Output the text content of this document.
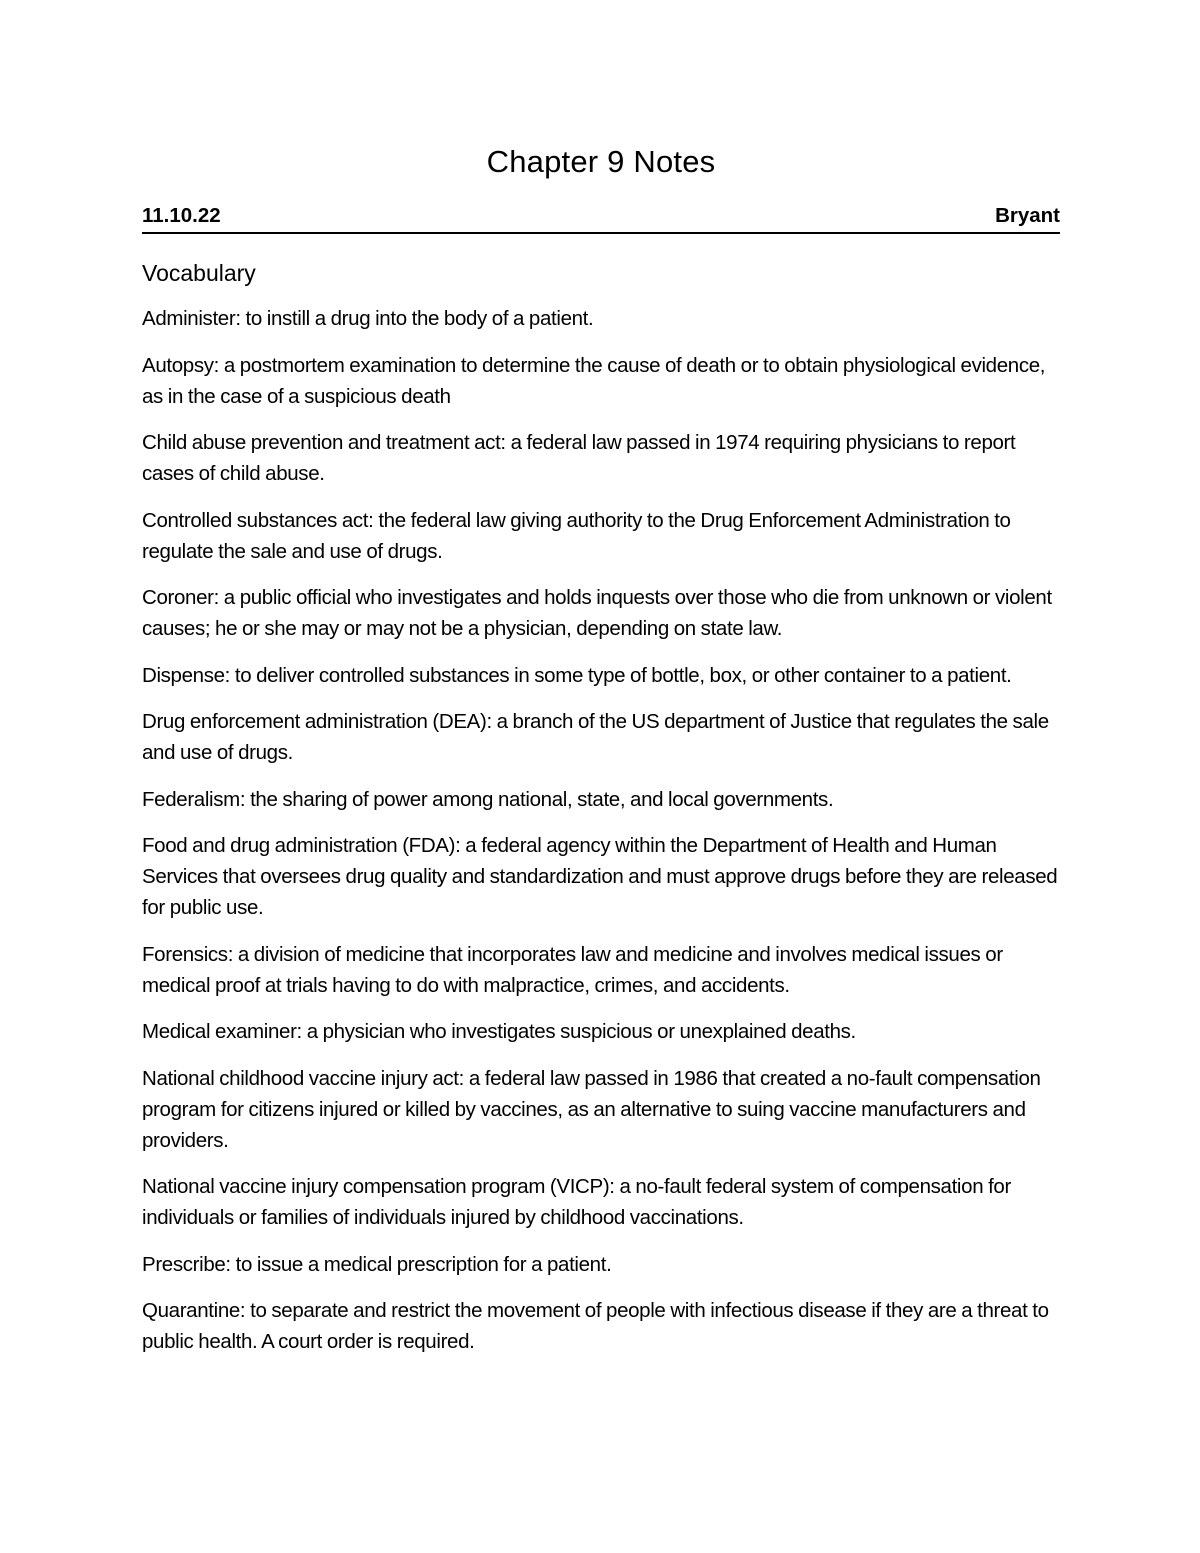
Chapter 9 Notes
11.10.22	Bryant
Vocabulary

Administer: to instill a drug into the body of a patient.

Autopsy: a postmortem examination to determine the cause of death or to obtain physiological evidence, as in the case of a suspicious death

Child abuse prevention and treatment act: a federal law passed in 1974 requiring physicians to report cases of child abuse.

Controlled substances act: the federal law giving authority to the Drug Enforcement Administration to regulate the sale and use of drugs.

Coroner: a public official who investigates and holds inquests over those who die from unknown or violent causes; he or she may or may not be a physician, depending on state law.

Dispense: to deliver controlled substances in some type of bottle, box, or other container to a patient.

Drug enforcement administration (DEA): a branch of the US department of Justice that regulates the sale and use of drugs.

Federalism: the sharing of power among national, state, and local governments.

Food and drug administration (FDA): a federal agency within the Department of Health and Human Services that oversees drug quality and standardization and must approve drugs before they are released for public use.

Forensics: a division of medicine that incorporates law and medicine and involves medical issues or medical proof at trials having to do with malpractice, crimes, and accidents.

Medical examiner: a physician who investigates suspicious or unexplained deaths.

National childhood vaccine injury act: a federal law passed in 1986 that created a no-fault compensation program for citizens injured or killed by vaccines, as an alternative to suing vaccine manufacturers and providers.

National vaccine injury compensation program (VICP): a no-fault federal system of compensation for individuals or families of individuals injured by childhood vaccinations.

Prescribe: to issue a medical prescription for a patient.

Quarantine: to separate and restrict the movement of people with infectious disease if they are a threat to public health. A court order is required.
